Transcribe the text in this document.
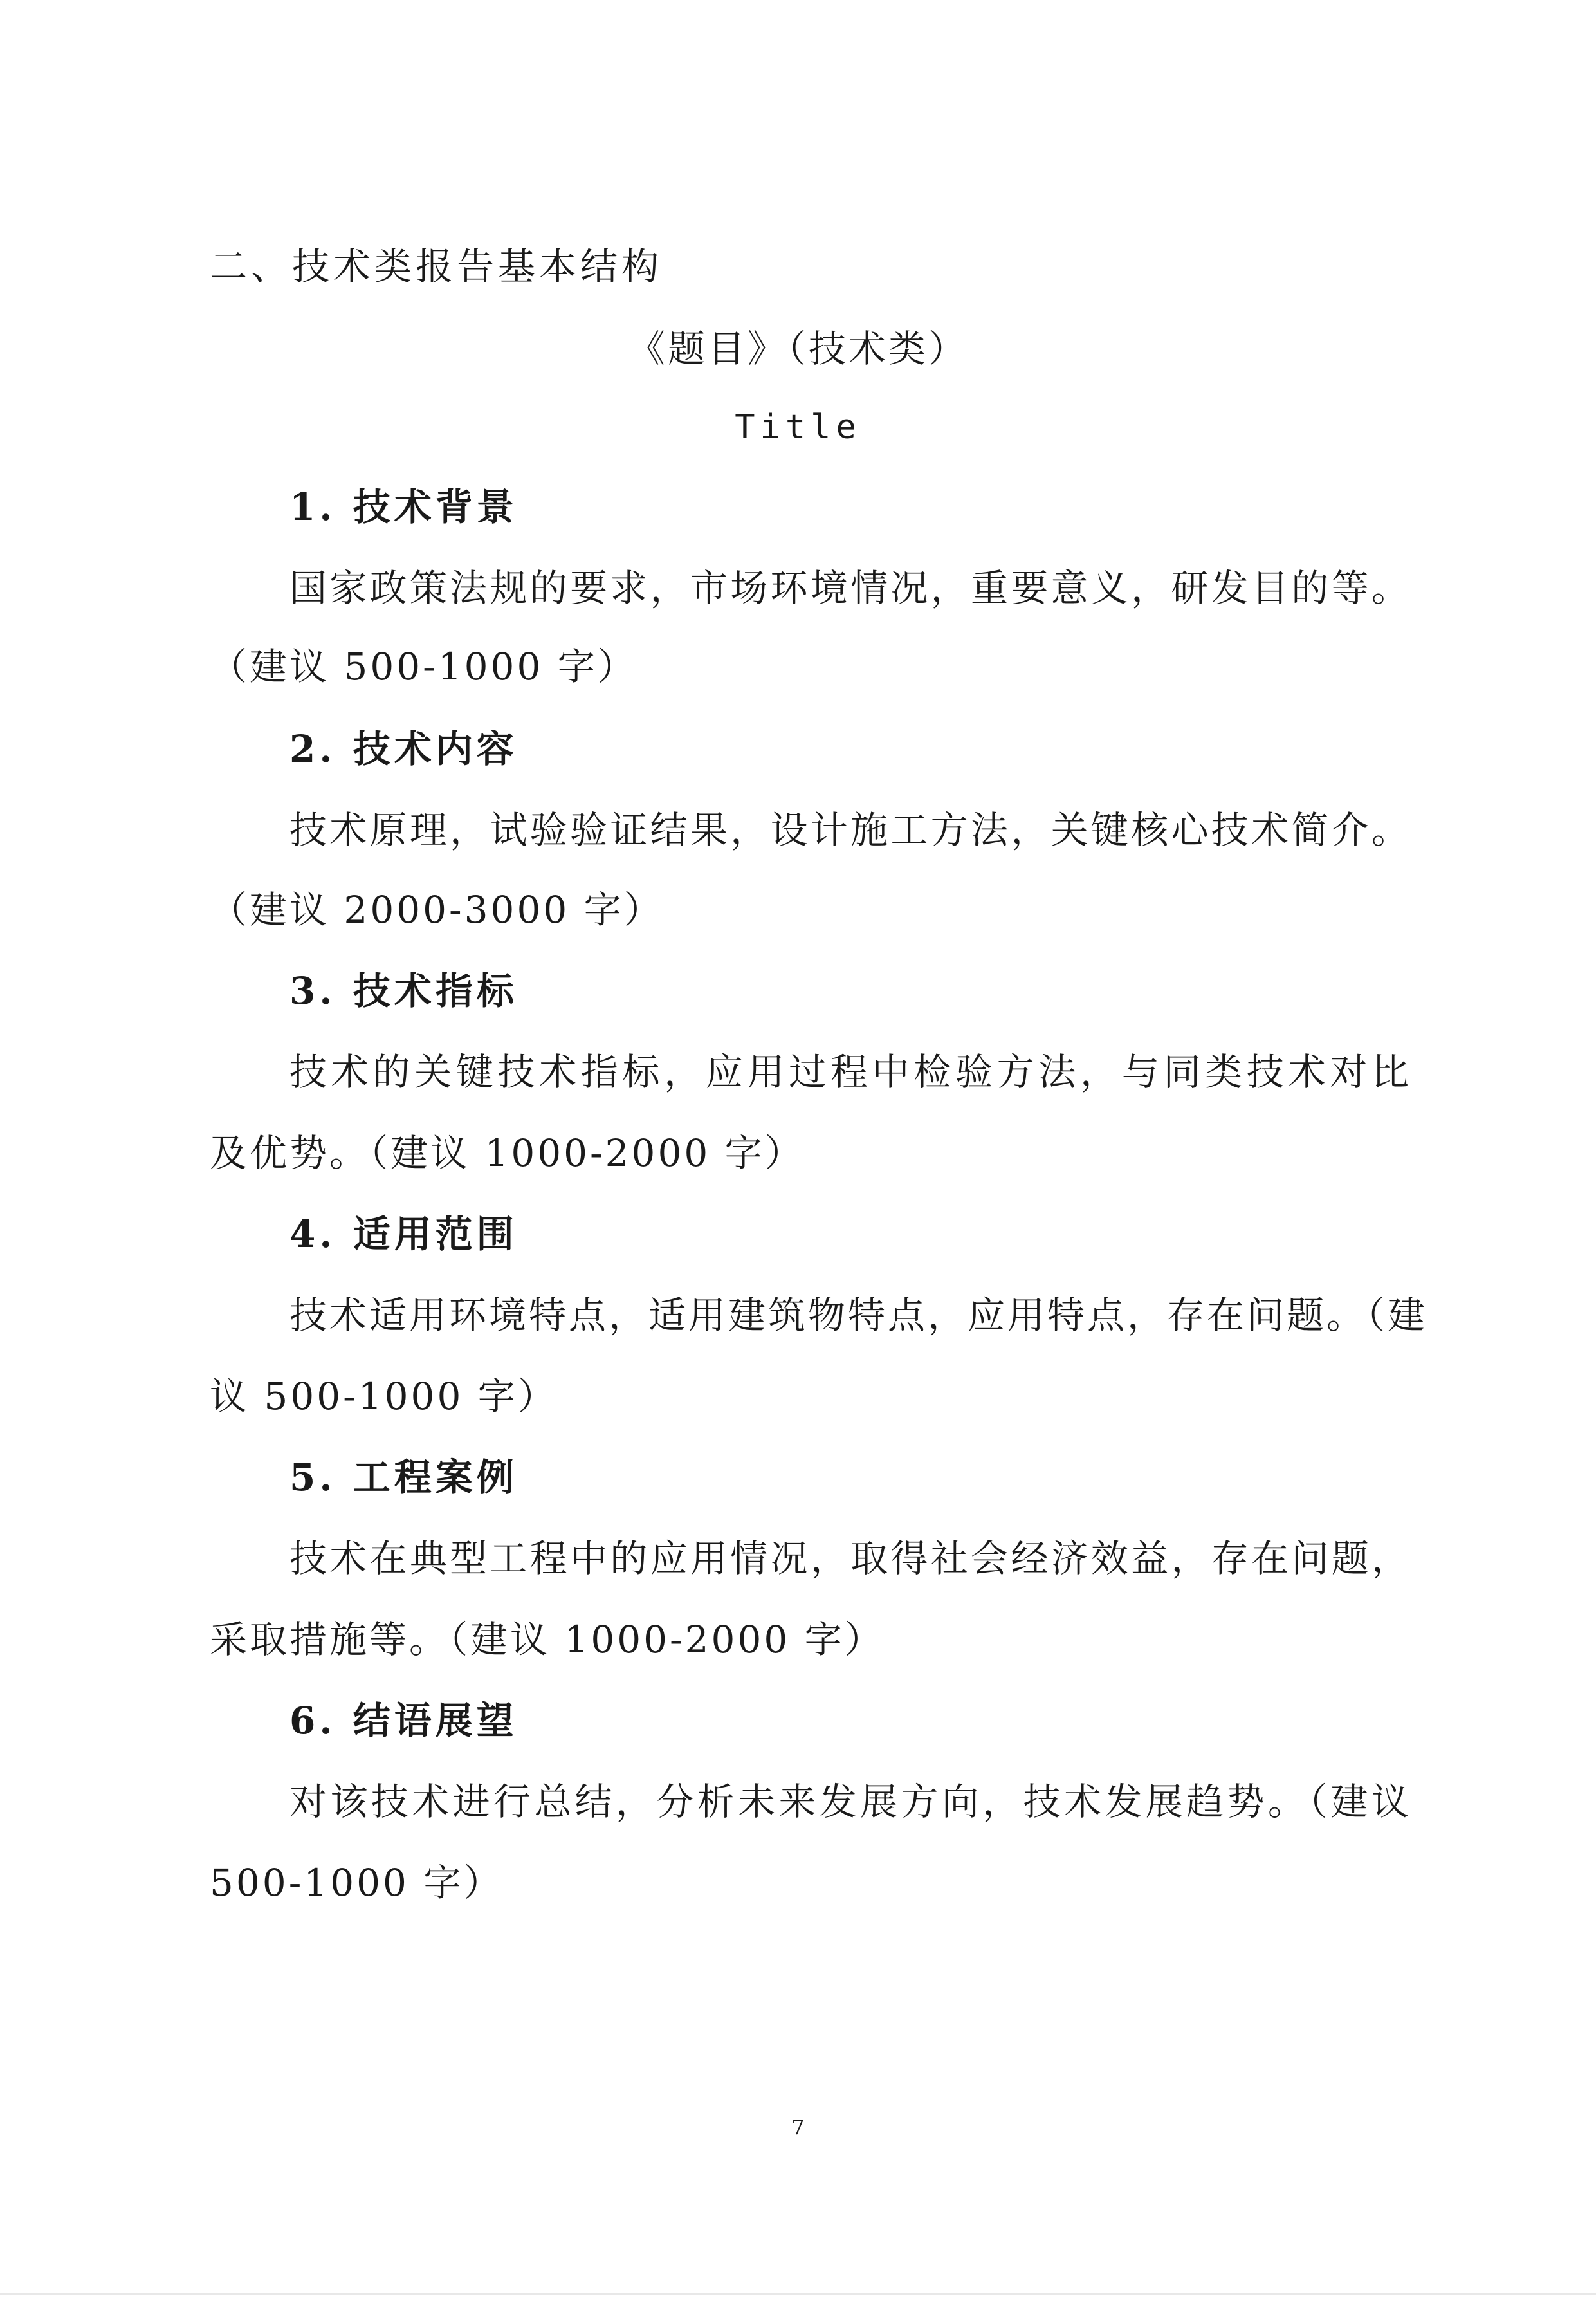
二、技术类报告基本结构
《题目》（技术类）
Title
1. 技术背景
国家政策法规的要求，市场环境情况，重要意义，研发目的等。
（建议 500-1000 字）
2. 技术内容
技术原理，试验验证结果，设计施工方法，关键核心技术简介。
（建议 2000-3000 字）
3. 技术指标
技术的关键技术指标，应用过程中检验方法，与同类技术对比
及优势。（建议 1000-2000 字）
4. 适用范围
技术适用环境特点，适用建筑物特点，应用特点，存在问题。（建
议 500-1000 字）
5. 工程案例
技术在典型工程中的应用情况，取得社会经济效益，存在问题，
采取措施等。（建议 1000-2000 字）
6. 结语展望
对该技术进行总结，分析未来发展方向，技术发展趋势。（建议
500-1000 字）
7
